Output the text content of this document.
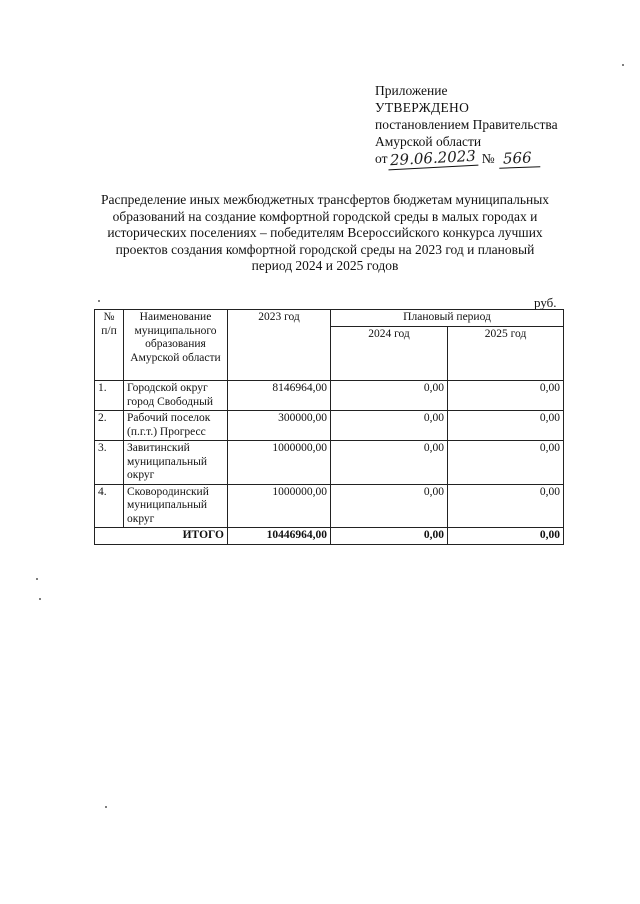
Приложение
УТВЕРЖДЕНО
постановлением Правительства
Амурской области
от 29.06.2023 № 566
Распределение иных межбюджетных трансфертов бюджетам муниципальных
образований на создание комфортной городской среды в малых городах и
исторических поселениях – победителям Всероссийского конкурса лучших
проектов создания комфортной городской среды на 2023 год и плановый
период 2024 и 2025 годов
руб.
№ п/п	Наименование муниципального образования Амурской области	2023 год	Плановый период	
			2024 год	2025 год
1.	Городской округ город Свободный	8146964,00	0,00	0,00
2.	Рабочий поселок (п.г.т.) Прогресс	300000,00	0,00	0,00
3.	Завитинский муниципальный округ	1000000,00	0,00	0,00
4.	Сковородинский муниципальный округ	1000000,00	0,00	0,00
ИТОГО		10446964,00	0,00	0,00
